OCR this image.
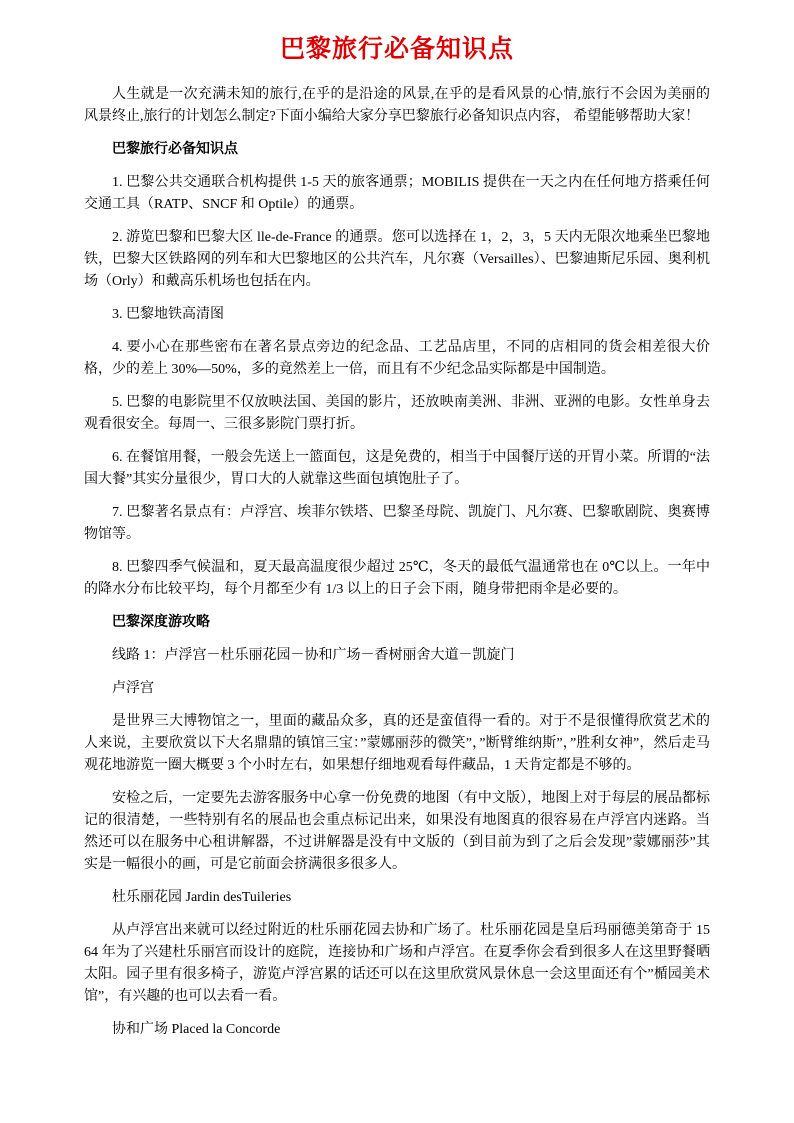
巴黎旅行必备知识点

人生就是一次充满未知的旅行,在乎的是沿途的风景,在乎的是看风景的心情,旅行不会因为美丽的风景终止,旅行的计划怎么制定?下面小编给大家分享巴黎旅行必备知识点内容， 希望能够帮助大家！

巴黎旅行必备知识点

1. 巴黎公共交通联合机构提供 1-5 天的旅客通票；MOBILIS 提供在一天之内在任何地方搭乘任何交通工具（RATP、SNCF 和 Optile）的通票。

2. 游览巴黎和巴黎大区 lle-de-France 的通票。您可以选择在 1，2，3，5 天内无限次地乘坐巴黎地铁，巴黎大区铁路网的列车和大巴黎地区的公共汽车，凡尔赛（Versailles）、巴黎迪斯尼乐园、奥利机场（Orly）和戴高乐机场也包括在内。

3. 巴黎地铁高清图

4. 要小心在那些密布在著名景点旁边的纪念品、工艺品店里，不同的店相同的货会相差很大价格，少的差上 30%—50%，多的竟然差上一倍，而且有不少纪念品实际都是中国制造。

5. 巴黎的电影院里不仅放映法国、美国的影片，还放映南美洲、非洲、亚洲的电影。女性单身去观看很安全。每周一、三很多影院门票打折。

6. 在餐馆用餐，一般会先送上一篮面包，这是免费的，相当于中国餐厅送的开胃小菜。所谓的“法国大餐”其实分量很少，胃口大的人就靠这些面包填饱肚子了。

7. 巴黎著名景点有：卢浮宫、埃菲尔铁塔、巴黎圣母院、凯旋门、凡尔赛、巴黎歌剧院、奥赛博物馆等。

8. 巴黎四季气候温和，夏天最高温度很少超过 25℃，冬天的最低气温通常也在 0℃以上。一年中的降水分布比较平均，每个月都至少有 1/3 以上的日子会下雨，随身带把雨伞是必要的。

巴黎深度游攻略

线路 1：卢浮宫－杜乐丽花园－协和广场－香树丽舍大道－凯旋门

卢浮宫

是世界三大博物馆之一，里面的藏品众多，真的还是蛮值得一看的。对于不是很懂得欣赏艺术的人来说，主要欣赏以下大名鼎鼎的镇馆三宝：”蒙娜丽莎的微笑”，”断臂维纳斯”，”胜利女神”，然后走马观花地游览一圈大概要 3 个小时左右，如果想仔细地观看每件藏品，1 天肯定都是不够的。

安检之后，一定要先去游客服务中心拿一份免费的地图（有中文版），地图上对于每层的展品都标记的很清楚，一些特别有名的展品也会重点标记出来，如果没有地图真的很容易在卢浮宫内迷路。当然还可以在服务中心租讲解器，不过讲解器是没有中文版的（到目前为到了之后会发现”蒙娜丽莎”其实是一幅很小的画，可是它前面会挤满很多很多人。

杜乐丽花园 Jardin desTuileries

从卢浮宫出来就可以经过附近的杜乐丽花园去协和广场了。杜乐丽花园是皇后玛丽德美第奇于 1564 年为了兴建杜乐丽宫而设计的庭院，连接协和广场和卢浮宫。在夏季你会看到很多人在这里野餐晒太阳。园子里有很多椅子，游览卢浮宫累的话还可以在这里欣赏风景休息一会这里面还有个”楯园美术馆”，有兴趣的也可以去看一看。

协和广场 Placed la Concorde
